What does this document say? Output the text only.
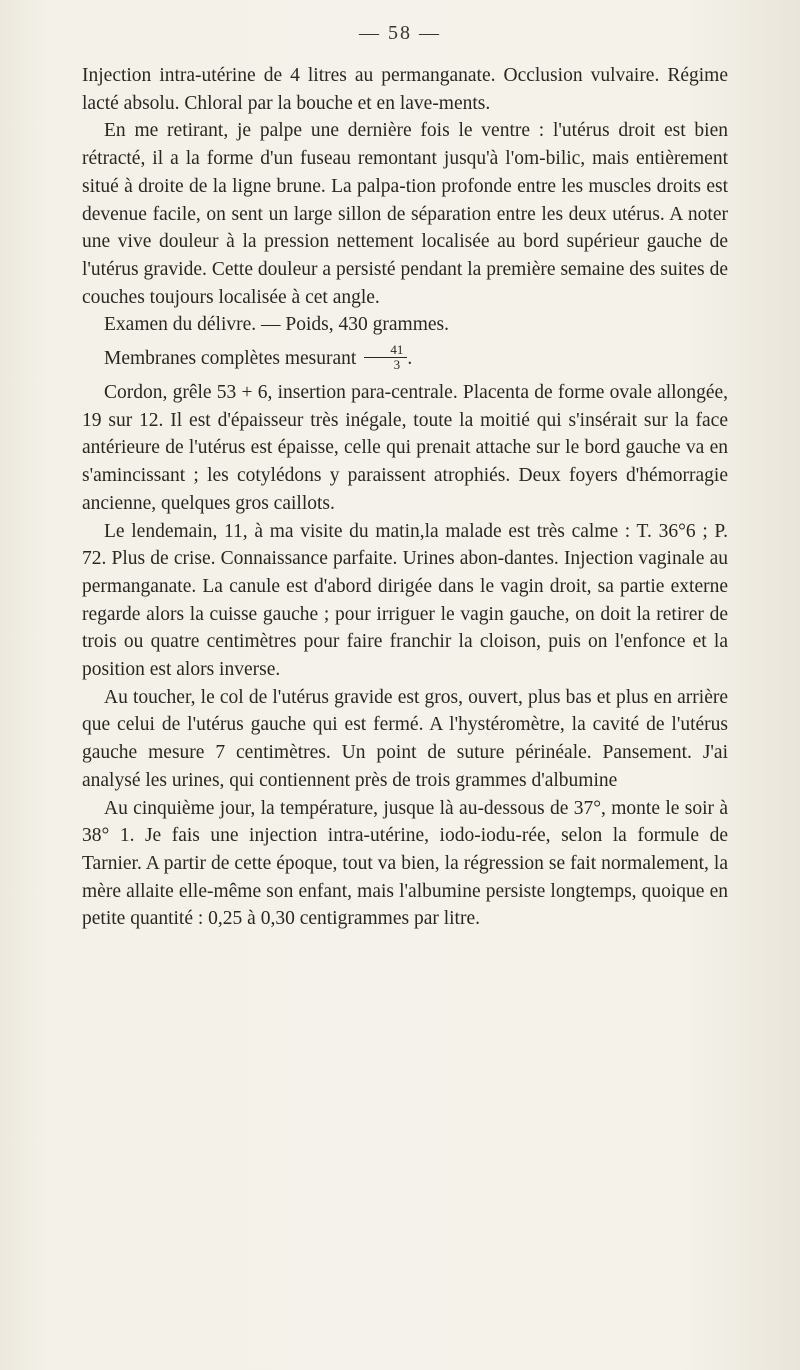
— 58 —

Injection intra-utérine de 4 litres au permanganate. Occlusion vulvaire. Régime lacté absolu. Chloral par la bouche et en lave-ments.

En me retirant, je palpe une dernière fois le ventre : l'utérus droit est bien rétracté, il a la forme d'un fuseau remontant jusqu'à l'om-bilic, mais entièrement situé à droite de la ligne brune. La palpa-tion profonde entre les muscles droits est devenue facile, on sent un large sillon de séparation entre les deux utérus. A noter une vive douleur à la pression nettement localisée au bord supérieur gauche de l'utérus gravide. Cette douleur a persisté pendant la première semaine des suites de couches toujours localisée à cet angle.

Examen du délivre. — Poids, 430 grammes.

Membranes complètes mesurant $\frac{41}{3}$ .

Cordon, grêle 53 + 6, insertion para-centrale. Placenta de forme ovale allongée, 19 sur 12. Il est d'épaisseur très inégale, toute la moitié qui s'insérait sur la face antérieure de l'utérus est épaisse, celle qui prenait attache sur le bord gauche va en s'amincissant ; les cotylédons y paraissent atrophiés. Deux foyers d'hémorragie ancienne, quelques gros caillots.

Le lendemain, 11, à ma visite du matin,la malade est très calme : T. 36°6 ; P. 72. Plus de crise. Connaissance parfaite. Urines abon-dantes. Injection vaginale au permanganate. La canule est d'abord dirigée dans le vagin droit, sa partie externe regarde alors la cuisse gauche ; pour irriguer le vagin gauche, on doit la retirer de trois ou quatre centimètres pour faire franchir la cloison, puis on l'enfonce et la position est alors inverse.

Au toucher, le col de l'utérus gravide est gros, ouvert, plus bas et plus en arrière que celui de l'utérus gauche qui est fermé. A l'hystéromètre, la cavité de l'utérus gauche mesure 7 centimètres. Un point de suture périnéale. Pansement. J'ai analysé les urines, qui contiennent près de trois grammes d'albumine

Au cinquième jour, la température, jusque là au-dessous de 37°, monte le soir à 38° 1. Je fais une injection intra-utérine, iodo-iodu-rée, selon la formule de Tarnier. A partir de cette époque, tout va bien, la régression se fait normalement, la mère allaite elle-même son enfant, mais l'albumine persiste longtemps, quoique en petite quantité : 0,25 à 0,30 centigrammes par litre.
